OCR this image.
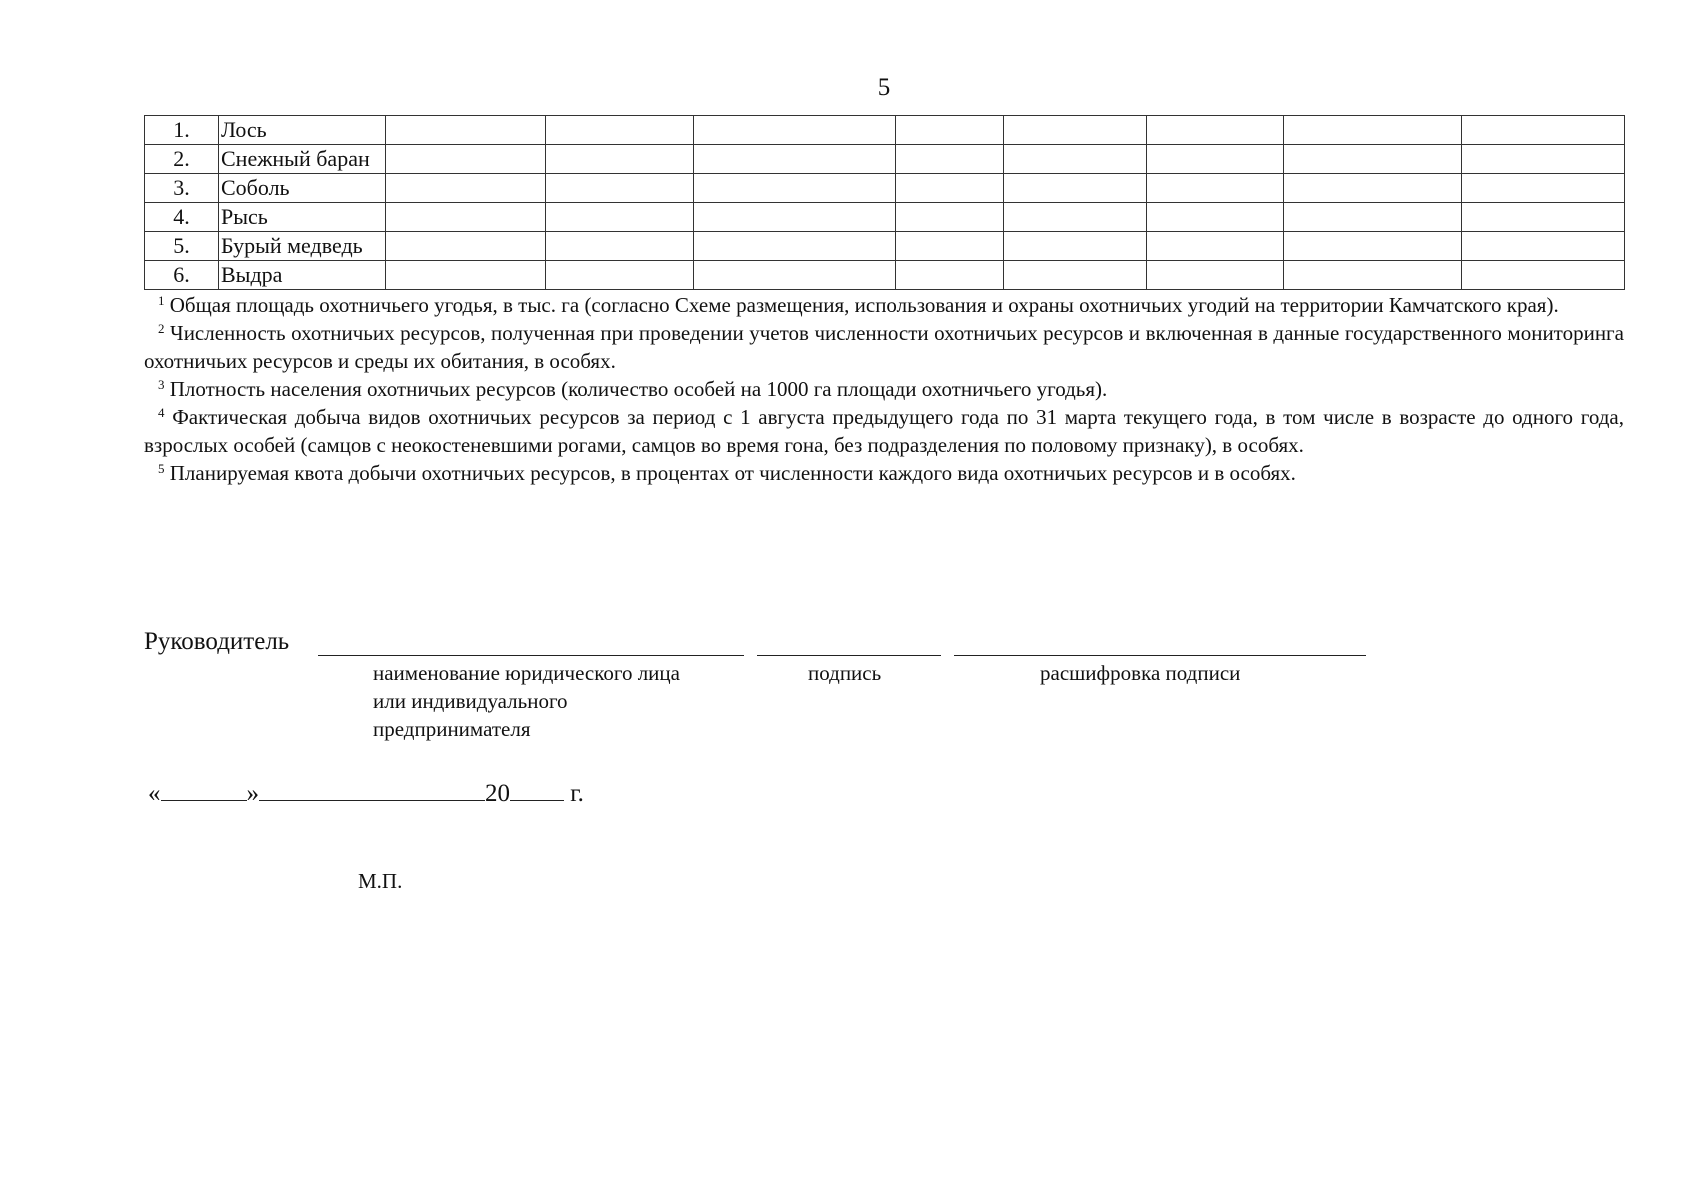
5
1.	Лось								
2.	Снежный баран								
3.	Соболь								
4.	Рысь								
5.	Бурый медведь								
6.	Выдра								

$^1$ Общая площадь охотничьего угодья, в тыс. га (согласно Схеме размещения, использования и охраны охотничьих угодий на территории Камчатского края).

$^2$ Численность охотничьих ресурсов, полученная при проведении учетов численности охотничьих ресурсов и включенная в данные государственного мониторинга охотничьих ресурсов и среды их обитания, в особях.

$^3$ Плотность населения охотничьих ресурсов (количество особей на 1000 га площади охотничьего угодья).

$^4$ Фактическая добыча видов охотничьих ресурсов за период с 1 августа предыдущего года по 31 марта текущего года, в том числе в возрасте до одного года, взрослых особей (самцов с неокостеневшими рогами, самцов во время гона, без подразделения по половому признаку), в особях.

$^5$ Планируемая квота добычи охотничьих ресурсов, в процентах от численности каждого вида охотничьих ресурсов и в особях.

Руководитель
наименование юридического лица или индивидуального предпринимателя
подпись	расшифровка подписи
«	»	20 г.
М.П.
